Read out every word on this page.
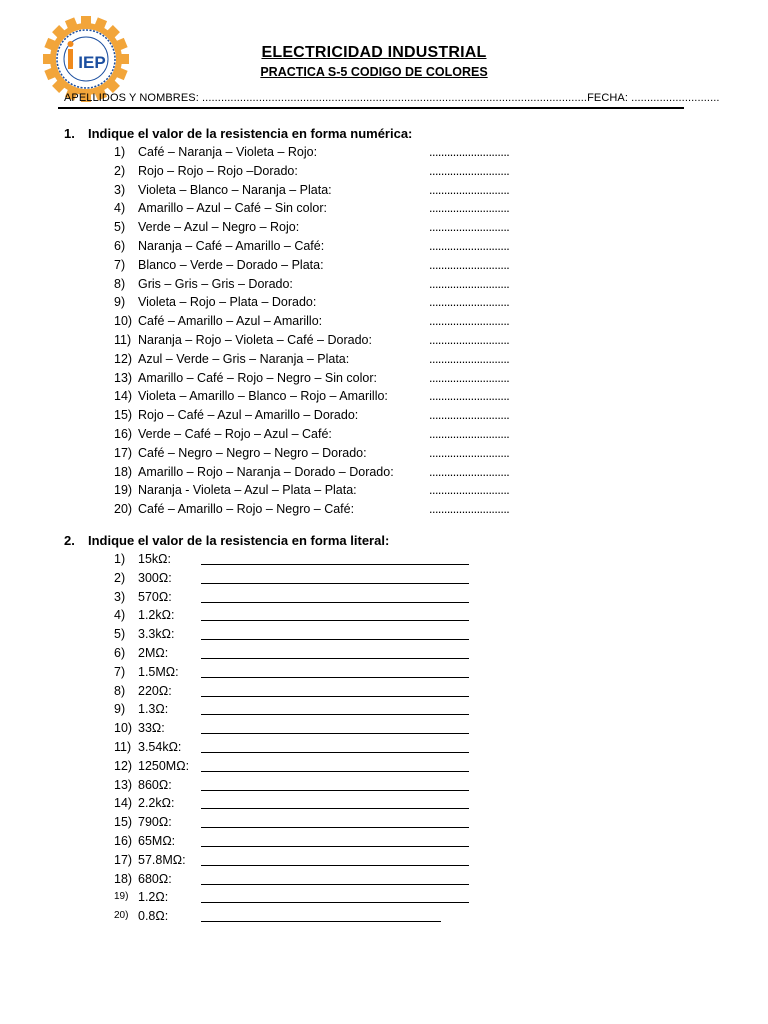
IEP
ELECTRICIDAD INDUSTRIAL
PRACTICA S-5 CODIGO DE COLORES
APELLIDOS Y NOMBRES: ..........................................................................................................................FECHA: ............................
1. Indique el valor de la resistencia en forma numérica:
1)	Café – Naranja – Violeta – Rojo:	...........................
2)	Rojo – Rojo – Rojo –Dorado:	...........................
3)	Violeta – Blanco – Naranja – Plata:	...........................
4)	Amarillo – Azul – Café – Sin color:	...........................
5)	Verde – Azul – Negro – Rojo:	...........................
6)	Naranja – Café – Amarillo – Café:	...........................
7)	Blanco – Verde – Dorado – Plata:	...........................
8)	Gris – Gris – Gris – Dorado:	...........................
9)	Violeta – Rojo – Plata – Dorado:	...........................
10) Café – Amarillo – Azul – Amarillo:	...........................
11) Naranja – Rojo – Violeta – Café – Dorado:	...........................
12) Azul – Verde – Gris – Naranja – Plata:	...........................
13) Amarillo – Café – Rojo – Negro – Sin color:	...........................
14) Violeta – Amarillo – Blanco – Rojo – Amarillo:	...........................
15) Rojo – Café – Azul – Amarillo – Dorado:	...........................
16) Verde – Café – Rojo – Azul – Café:	...........................
17) Café – Negro – Negro – Negro – Dorado:	...........................
18) Amarillo – Rojo – Naranja – Dorado – Dorado:	...........................
19) Naranja - Violeta – Azul – Plata – Plata:	...........................
20) Café – Amarillo – Rojo – Negro – Café:	...........................
2. Indique el valor de la resistencia en forma literal:
1)	15kΩ:
2)	300Ω:
3)	570Ω:
4)	1.2kΩ:
5)	3.3kΩ:
6)	2MΩ:
7)	1.5MΩ:
8)	220Ω:
9)	1.3Ω:
10) 33Ω:
11) 3.54kΩ:
12) 1250MΩ:
13) 860Ω:
14) 2.2kΩ:
15) 790Ω:
16) 65MΩ:
17) 57.8MΩ:
18) 680Ω:
19) 1.2Ω:
20) 0.8Ω:
